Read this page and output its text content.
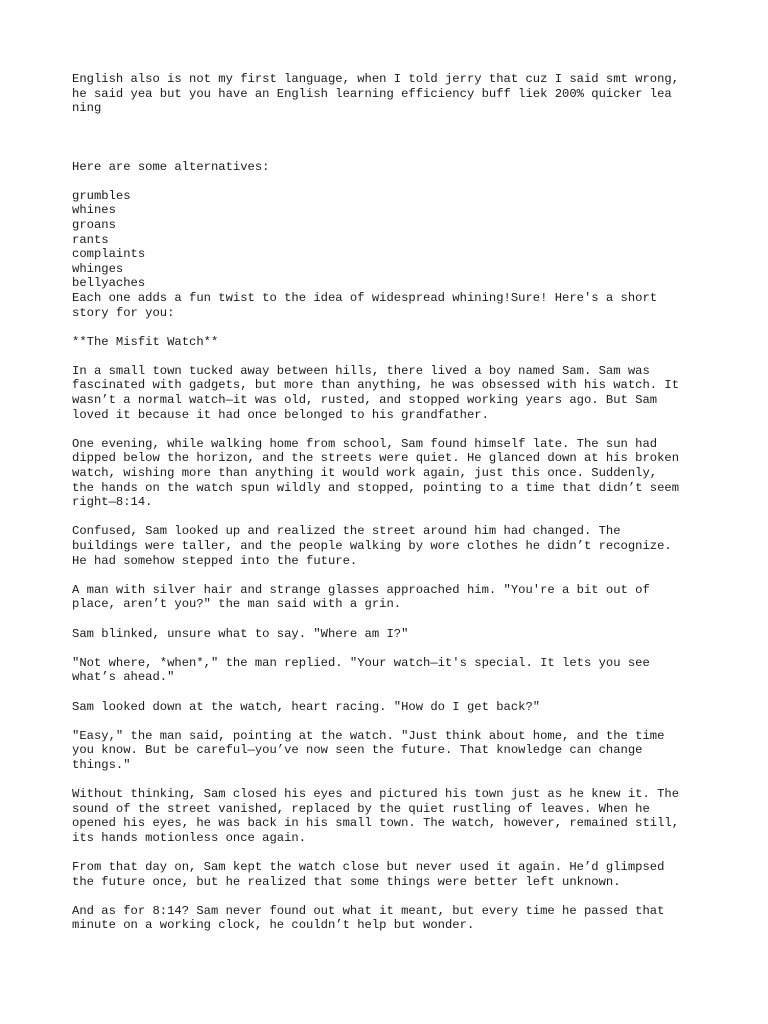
English also is not my first language, when I told jerry that cuz I said smt wrong,
he said yea but you have an English learning efficiency buff liek 200% quicker lea
ning
Here are some alternatives:
grumbles
whines
groans
rants
complaints
whinges
bellyaches
Each one adds a fun twist to the idea of widespread whining!Sure! Here's a short
story for you:
**The Misfit Watch**
In a small town tucked away between hills, there lived a boy named Sam. Sam was
fascinated with gadgets, but more than anything, he was obsessed with his watch. It
wasn’t a normal watch—it was old, rusted, and stopped working years ago. But Sam
loved it because it had once belonged to his grandfather.
One evening, while walking home from school, Sam found himself late. The sun had
dipped below the horizon, and the streets were quiet. He glanced down at his broken
watch, wishing more than anything it would work again, just this once. Suddenly,
the hands on the watch spun wildly and stopped, pointing to a time that didn’t seem
right—8:14.
Confused, Sam looked up and realized the street around him had changed. The
buildings were taller, and the people walking by wore clothes he didn’t recognize.
He had somehow stepped into the future.
A man with silver hair and strange glasses approached him. "You're a bit out of
place, aren’t you?" the man said with a grin.
Sam blinked, unsure what to say. "Where am I?"
"Not where, *when*," the man replied. "Your watch—it's special. It lets you see
what’s ahead."
Sam looked down at the watch, heart racing. "How do I get back?"
"Easy," the man said, pointing at the watch. "Just think about home, and the time
you know. But be careful—you’ve now seen the future. That knowledge can change
things."
Without thinking, Sam closed his eyes and pictured his town just as he knew it. The
sound of the street vanished, replaced by the quiet rustling of leaves. When he
opened his eyes, he was back in his small town. The watch, however, remained still,
its hands motionless once again.
From that day on, Sam kept the watch close but never used it again. He’d glimpsed
the future once, but he realized that some things were better left unknown.
And as for 8:14? Sam never found out what it meant, but every time he passed that
minute on a working clock, he couldn’t help but wonder.
